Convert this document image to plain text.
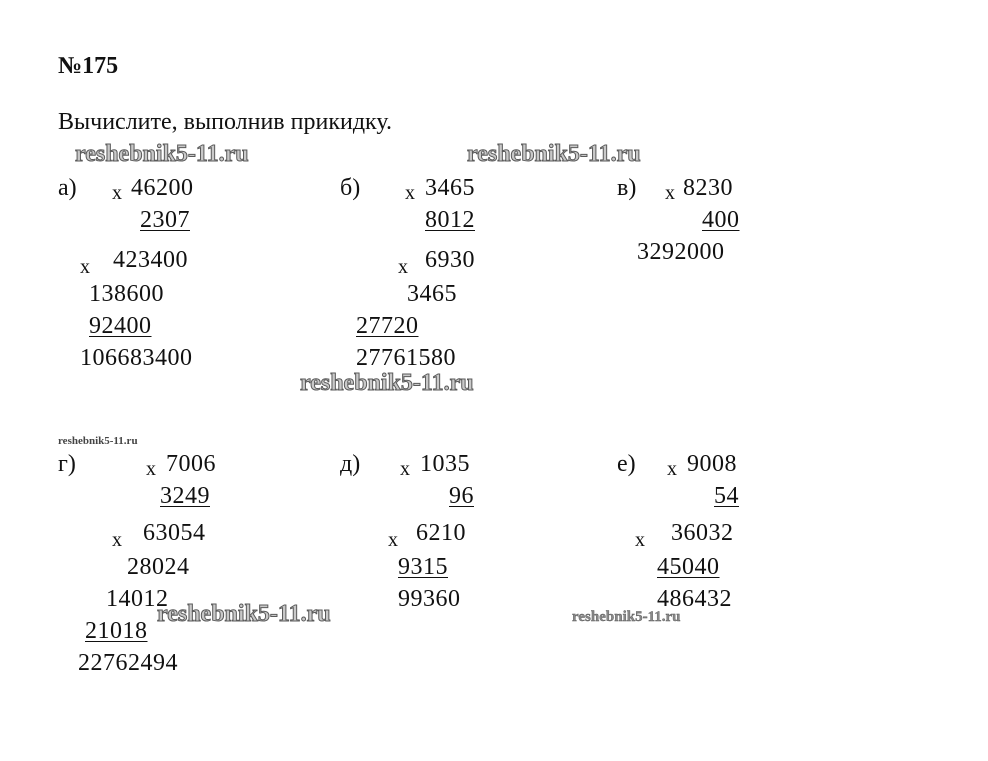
№175
Вычислите, выполнив прикидку.
reshebnik5-11.ru	reshebnik5-11.ru
reshebnik5-11.ru
reshebnik5-11.ru
reshebnik5-11.ru	reshebnik5-11.ru
а) x 46200
2307
x 423400
138600
92400
106683400
б) x 3465
8012
x 6930
3465
27720
27761580
в) x 8230
400
3292000
г)	x 7006
3249
x 63054
28024
14012
21018
22762494
д) x 1035
96
x 6210
9315
99360
е) x 9008
54
x 36032
45040
486432
